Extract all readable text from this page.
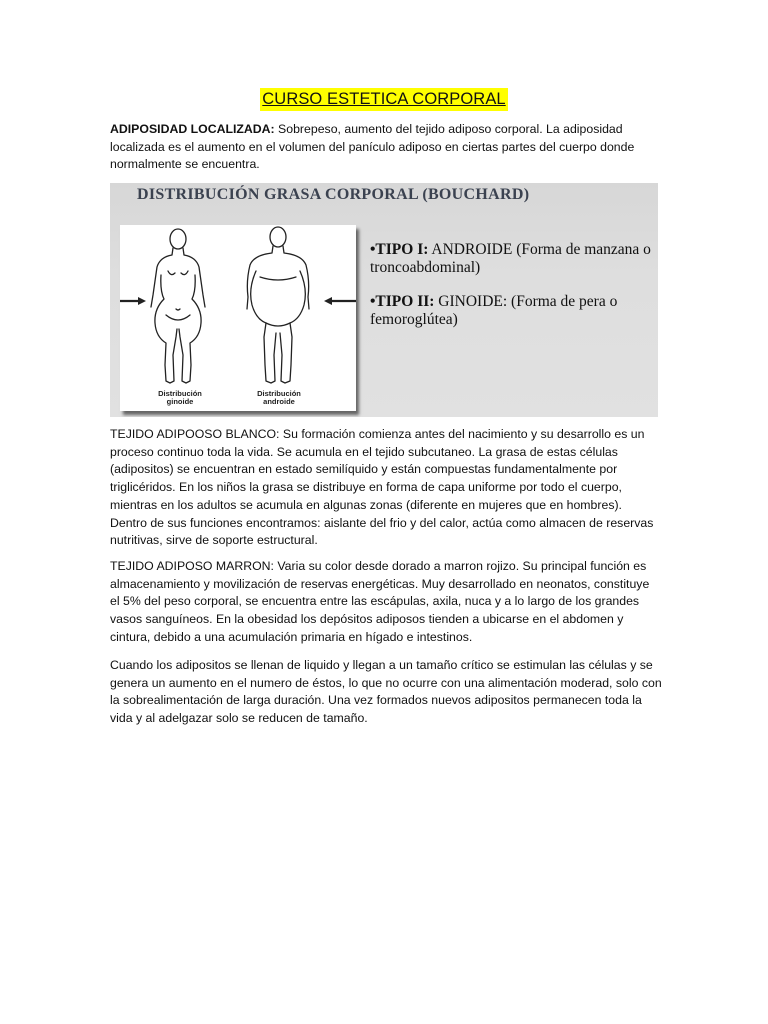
CURSO ESTETICA CORPORAL

ADIPOSIDAD LOCALIZADA: Sobrepeso, aumento del tejido adiposo corporal. La adiposidad localizada es el aumento en el volumen del panículo adiposo en ciertas partes del cuerpo donde normalmente se encuentra.

DISTRIBUCIÓN GRASA CORPORAL (BOUCHARD)
Distribución ginoide
Distribución androide
•TIPO I: ANDROIDE (Forma de manzana o troncoabdominal)
•TIPO II: GINOIDE: (Forma de pera o femoroglútea)

TEJIDO ADIPOOSO BLANCO: Su formación comienza antes del nacimiento y su desarrollo es un proceso continuo toda la vida. Se acumula en el tejido subcutaneo. La grasa de estas células (adipositos) se encuentran en estado semilíquido y están compuestas fundamentalmente por triglicéridos. En los niños la grasa se distribuye en forma de capa uniforme por todo el cuerpo, mientras en los adultos se acumula en algunas zonas (diferente en mujeres que en hombres). Dentro de sus funciones encontramos: aislante del frio y del calor, actúa como almacen de reservas nutritivas, sirve de soporte estructural.

TEJIDO ADIPOSO MARRON: Varia su color desde dorado a marron rojizo. Su principal función es almacenamiento y movilización de reservas energéticas. Muy desarrollado en neonatos, constituye el 5% del peso corporal, se encuentra entre las escápulas, axila, nuca y a lo largo de los grandes vasos sanguíneos. En la obesidad los depósitos adiposos tienden a ubicarse en el abdomen y cintura, debido a una acumulación primaria en hígado e intestinos.

Cuando los adipositos se llenan de liquido y llegan a un tamaño crítico se estimulan las células y se genera un aumento en el numero de éstos, lo que no ocurre con una alimentación moderad, solo con la sobrealimentación de larga duración. Una vez formados nuevos adipositos permanecen toda la vida y al adelgazar solo se reducen de tamaño.
